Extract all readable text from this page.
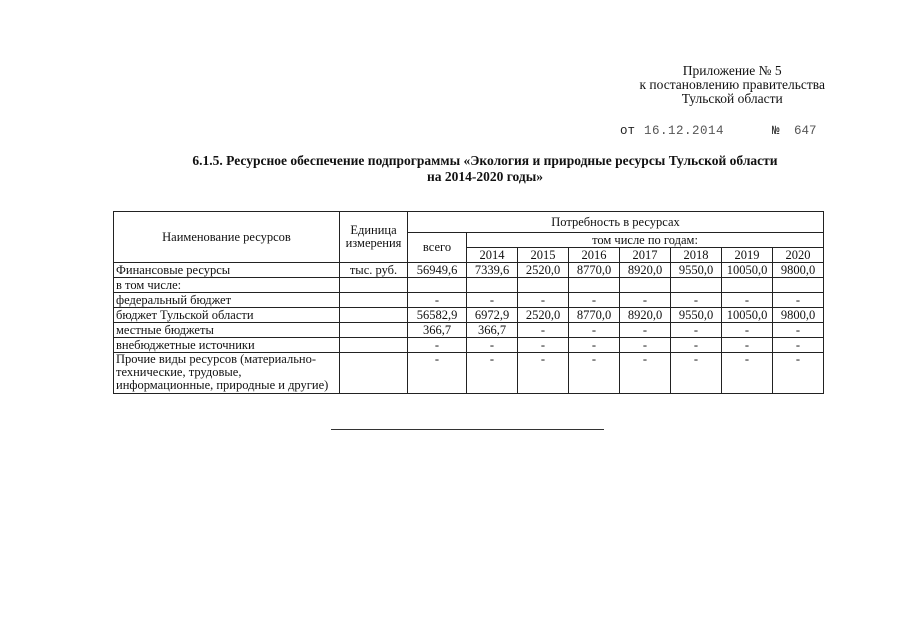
Приложение № 5
к постановлению правительства
Тульской области
от 16.12.2014	№ 647
6.1.5. Ресурсное обеспечение подпрограммы «Экология и природные ресурсы Тульской области
на 2014-2020 годы»
Наименование ресурсов	Единица измерения	Потребность в ресурсах							
		всего	том числе по годам:						
			2014	2015	2016	2017	2018	2019	2020
Финансовые ресурсы	тыс. руб.	56949,6	7339,6	2520,0	8770,0	8920,0	9550,0	10050,0	9800,0
в том числе:									
федеральный бюджет		-	-	-	-	-	-	-	-
бюджет Тульской области		56582,9	6972,9	2520,0	8770,0	8920,0	9550,0	10050,0	9800,0
местные бюджеты		366,7	366,7	-	-	-	-	-	-
внебюджетные источники		-	-	-	-	-	-	-	-
Прочие виды ресурсов (материально-технические, трудовые, информационные, природные и другие)		-	-	-	-	-	-	-	-
